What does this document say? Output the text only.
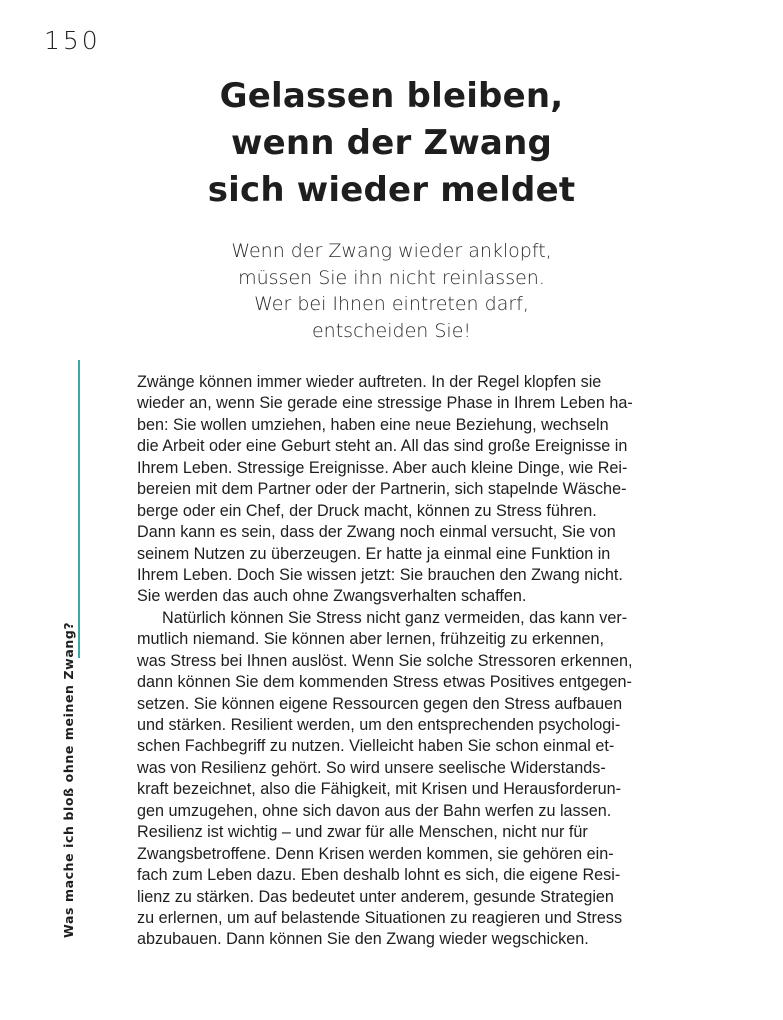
150
Gelassen bleiben,
wenn der Zwang
sich wieder meldet
Wenn der Zwang wieder anklopft,
müssen Sie ihn nicht reinlassen.
Wer bei Ihnen eintreten darf,
entscheiden Sie!
Was mache ich bloß ohne meinen Zwang?
Zwänge können immer wieder auftreten. In der Regel klopfen sie
wieder an, wenn Sie gerade eine stressige Phase in Ihrem Leben ha-
ben: Sie wollen umziehen, haben eine neue Beziehung, wechseln
die Arbeit oder eine Geburt steht an. All das sind große Ereignisse in
Ihrem Leben. Stressige Ereignisse. Aber auch kleine Dinge, wie Rei-
bereien mit dem Partner oder der Partnerin, sich stapelnde Wäsche-
berge oder ein Chef, der Druck macht, können zu Stress führen.
Dann kann es sein, dass der Zwang noch einmal versucht, Sie von
seinem Nutzen zu überzeugen. Er hatte ja einmal eine Funktion in
Ihrem Leben. Doch Sie wissen jetzt: Sie brauchen den Zwang nicht.
Sie werden das auch ohne Zwangsverhalten schaffen.
Natürlich können Sie Stress nicht ganz vermeiden, das kann ver-
mutlich niemand. Sie können aber lernen, frühzeitig zu erkennen,
was Stress bei Ihnen auslöst. Wenn Sie solche Stressoren erkennen,
dann können Sie dem kommenden Stress etwas Positives entgegen-
setzen. Sie können eigene Ressourcen gegen den Stress aufbauen
und stärken. Resilient werden, um den entsprechenden psychologi-
schen Fachbegriff zu nutzen. Vielleicht haben Sie schon einmal et-
was von Resilienz gehört. So wird unsere seelische Widerstands-
kraft bezeichnet, also die Fähigkeit, mit Krisen und Herausforderun-
gen umzugehen, ohne sich davon aus der Bahn werfen zu lassen.
Resilienz ist wichtig – und zwar für alle Menschen, nicht nur für
Zwangsbetroffene. Denn Krisen werden kommen, sie gehören ein-
fach zum Leben dazu. Eben deshalb lohnt es sich, die eigene Resi-
lienz zu stärken. Das bedeutet unter anderem, gesunde Strategien
zu erlernen, um auf belastende Situationen zu reagieren und Stress
abzubauen. Dann können Sie den Zwang wieder wegschicken.
